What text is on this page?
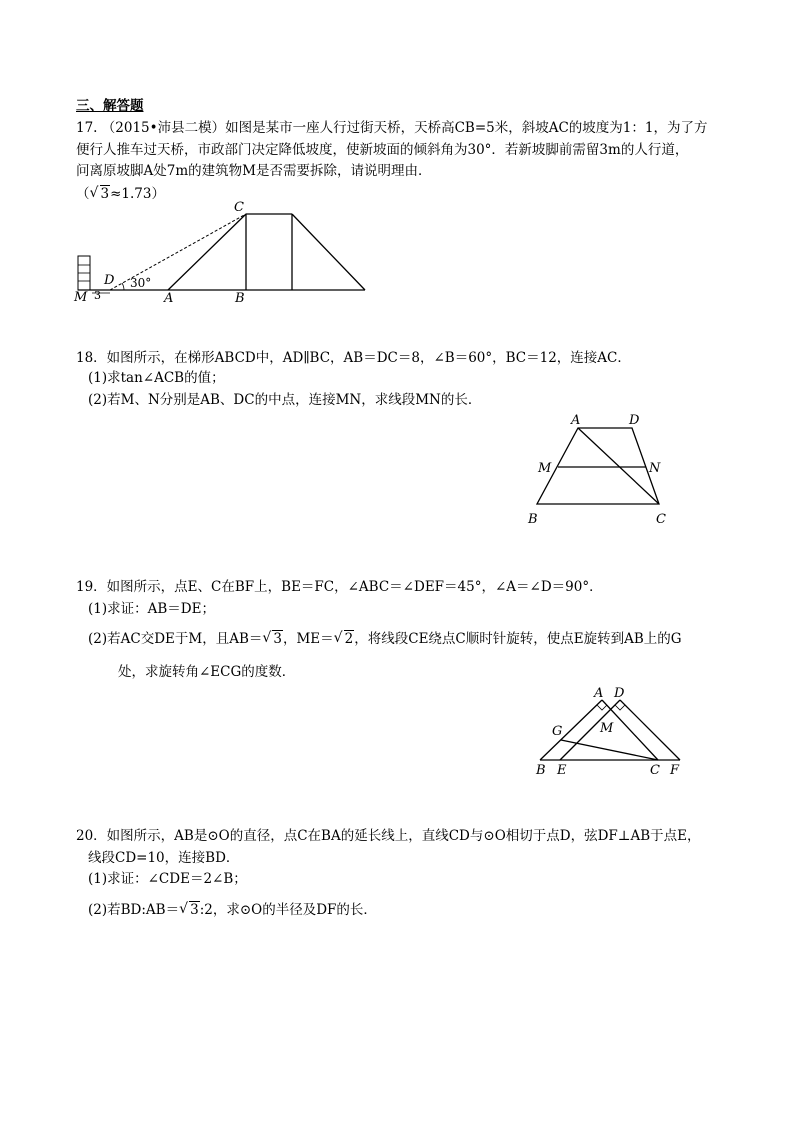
三、解答题
17. （2015•沛县二模）如图是某市一座人行过街天桥，天桥高CB=5米，斜坡AC的坡度为1：1，为了方
便行人推车过天桥，市政部门决定降低坡度，使新坡面的倾斜角为30°．若新坡脚前需留3m的人行道，
问离原坡脚A处7m的建筑物M是否需要拆除，请说明理由．
（ √ 3≈1.73）
M 3
D 30°
A	B
C
18．如图所示，在梯形ABCD中，AD∥BC，AB＝DC＝8，∠B＝60°，BC＝12，连接AC．
(1)求tan∠ACB的值；
(2)若M、N分别是AB、DC的中点，连接MN，求线段MN的长．
A	D
M	N
B	C
19．如图所示，点E、C在BF上，BE＝FC，∠ABC＝∠DEF＝45°，∠A＝∠D＝90°．
(1)求证：AB＝DE；
(2)若AC交DE于M，且AB＝ √ 3，ME＝ √ 2，将线段CE绕点C顺时针旋转，使点E旋转到AB上的G
处，求旋转角∠ECG的度数．
A D
G	M
B E	C F
20．如图所示，AB是⊙O的直径，点C在BA的延长线上，直线CD与⊙O相切于点D，弦DF⊥AB于点E，
线段CD=10，连接BD．
(1)求证：∠CDE＝2∠B；
(2)若BD:AB＝ √ 3:2，求⊙O的半径及DF的长．
